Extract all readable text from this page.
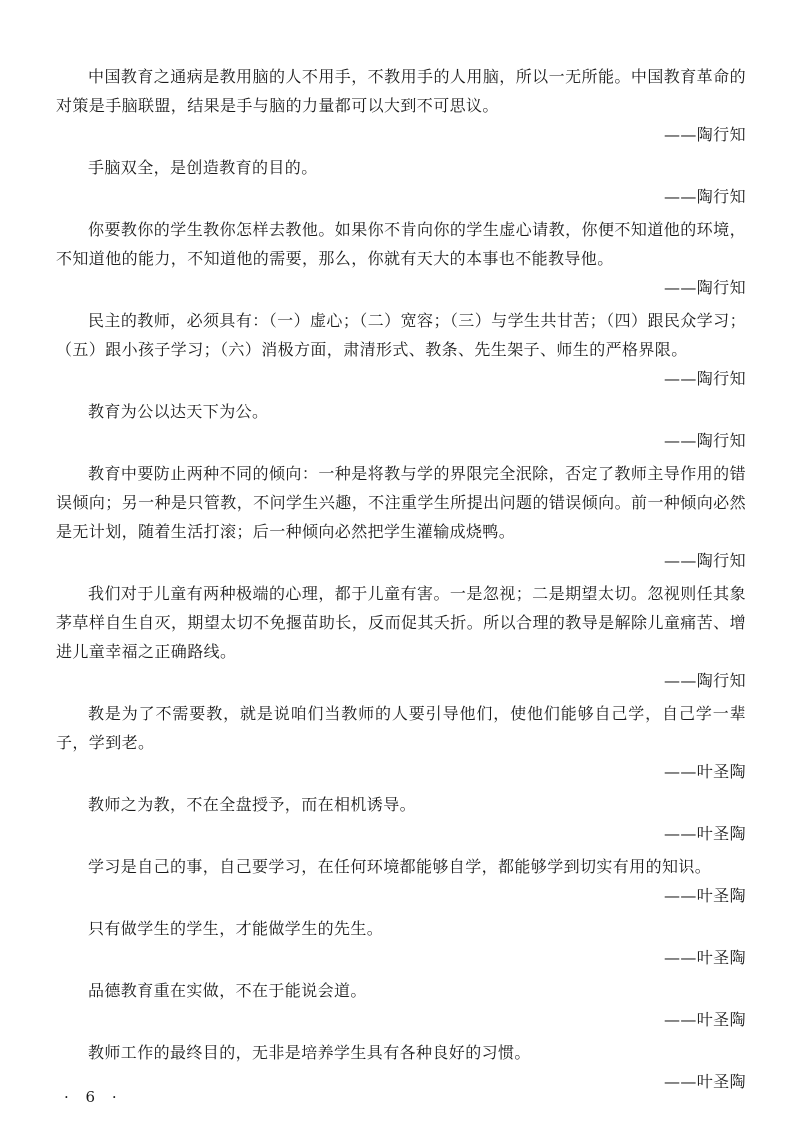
中国教育之通病是教用脑的人不用手，不教用手的人用脑，所以一无所能。中国教育革命的对策是手脑联盟，结果是手与脑的力量都可以大到不可思议。

——陶行知

手脑双全，是创造教育的目的。

——陶行知

你要教你的学生教你怎样去教他。如果你不肯向你的学生虚心请教，你便不知道他的环境，不知道他的能力，不知道他的需要，那么，你就有天大的本事也不能教导他。

——陶行知

民主的教师，必须具有：（一）虚心；（二）宽容；（三）与学生共甘苦；（四）跟民众学习；（五）跟小孩子学习；（六）消极方面，肃清形式、教条、先生架子、师生的严格界限。

——陶行知

教育为公以达天下为公。

——陶行知

教育中要防止两种不同的倾向：一种是将教与学的界限完全泯除，否定了教师主导作用的错误倾向；另一种是只管教，不问学生兴趣，不注重学生所提出问题的错误倾向。前一种倾向必然是无计划，随着生活打滚；后一种倾向必然把学生灌输成烧鸭。

——陶行知

我们对于儿童有两种极端的心理，都于儿童有害。一是忽视；二是期望太切。忽视则任其象茅草样自生自灭，期望太切不免揠苗助长，反而促其夭折。所以合理的教导是解除儿童痛苦、增进儿童幸福之正确路线。

——陶行知

教是为了不需要教，就是说咱们当教师的人要引导他们，使他们能够自己学，自己学一辈子，学到老。

——叶圣陶

教师之为教，不在全盘授予，而在相机诱导。

——叶圣陶

学习是自己的事，自己要学习，在任何环境都能够自学，都能够学到切实有用的知识。

——叶圣陶

只有做学生的学生，才能做学生的先生。

——叶圣陶

品德教育重在实做，不在于能说会道。

——叶圣陶

教师工作的最终目的，无非是培养学生具有各种良好的习惯。

——叶圣陶

· 6 ·
